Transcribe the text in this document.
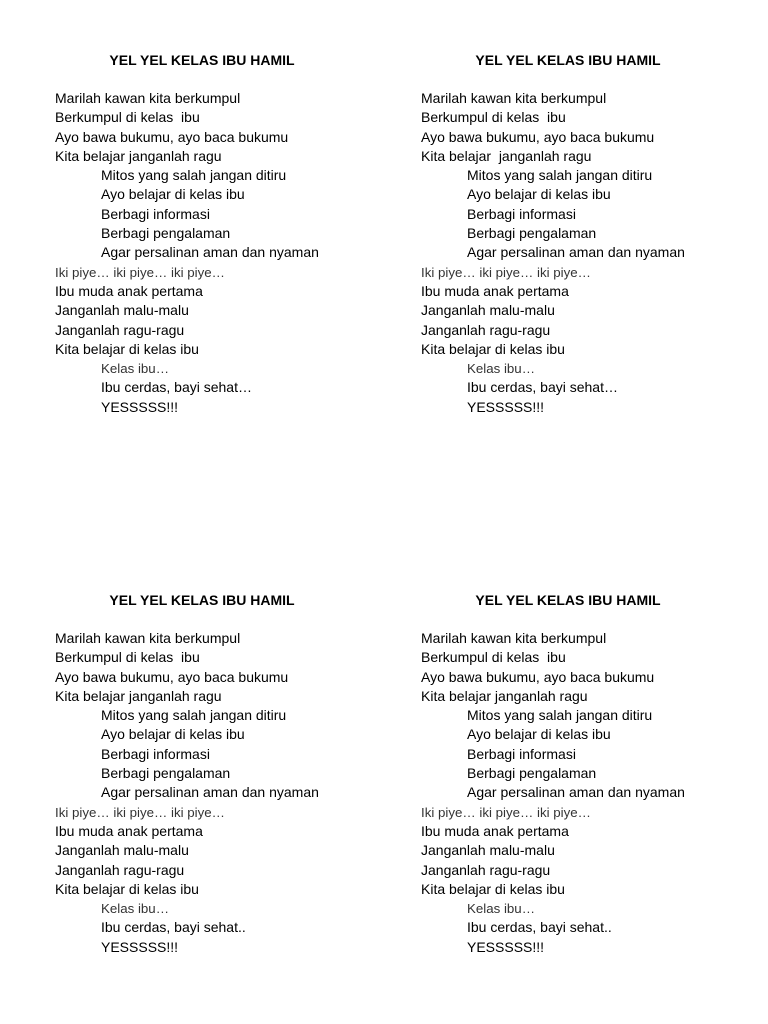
YEL YEL KELAS IBU HAMIL
Marilah kawan kita berkumpul
Berkumpul di kelas  ibu
Ayo bawa bukumu, ayo baca bukumu
Kita belajar janganlah ragu
Mitos yang salah jangan ditiru
Ayo belajar di kelas ibu
Berbagi informasi
Berbagi pengalaman
Agar persalinan aman dan nyaman
Iki piye… iki piye… iki piye…
Ibu muda anak pertama
Janganlah malu-malu
Janganlah ragu-ragu
Kita belajar di kelas ibu
Kelas ibu…
Ibu cerdas, bayi sehat…
YESSSSS!!!
YEL YEL KELAS IBU HAMIL
Marilah kawan kita berkumpul
Berkumpul di kelas  ibu
Ayo bawa bukumu, ayo baca bukumu
Kita belajar  janganlah ragu
Mitos yang salah jangan ditiru
Ayo belajar di kelas ibu
Berbagi informasi
Berbagi pengalaman
Agar persalinan aman dan nyaman
Iki piye… iki piye… iki piye…
Ibu muda anak pertama
Janganlah malu-malu
Janganlah ragu-ragu
Kita belajar di kelas ibu
Kelas ibu…
Ibu cerdas, bayi sehat…
YESSSSS!!!
YEL YEL KELAS IBU HAMIL
Marilah kawan kita berkumpul
Berkumpul di kelas  ibu
Ayo bawa bukumu, ayo baca bukumu
Kita belajar janganlah ragu
Mitos yang salah jangan ditiru
Ayo belajar di kelas ibu
Berbagi informasi
Berbagi pengalaman
Agar persalinan aman dan nyaman
Iki piye… iki piye… iki piye…
Ibu muda anak pertama
Janganlah malu-malu
Janganlah ragu-ragu
Kita belajar di kelas ibu
Kelas ibu…
Ibu cerdas, bayi sehat..
YESSSSS!!!
YEL YEL KELAS IBU HAMIL
Marilah kawan kita berkumpul
Berkumpul di kelas  ibu
Ayo bawa bukumu, ayo baca bukumu
Kita belajar janganlah ragu
Mitos yang salah jangan ditiru
Ayo belajar di kelas ibu
Berbagi informasi
Berbagi pengalaman
Agar persalinan aman dan nyaman
Iki piye… iki piye… iki piye…
Ibu muda anak pertama
Janganlah malu-malu
Janganlah ragu-ragu
Kita belajar di kelas ibu
Kelas ibu…
Ibu cerdas, bayi sehat..
YESSSSS!!!
